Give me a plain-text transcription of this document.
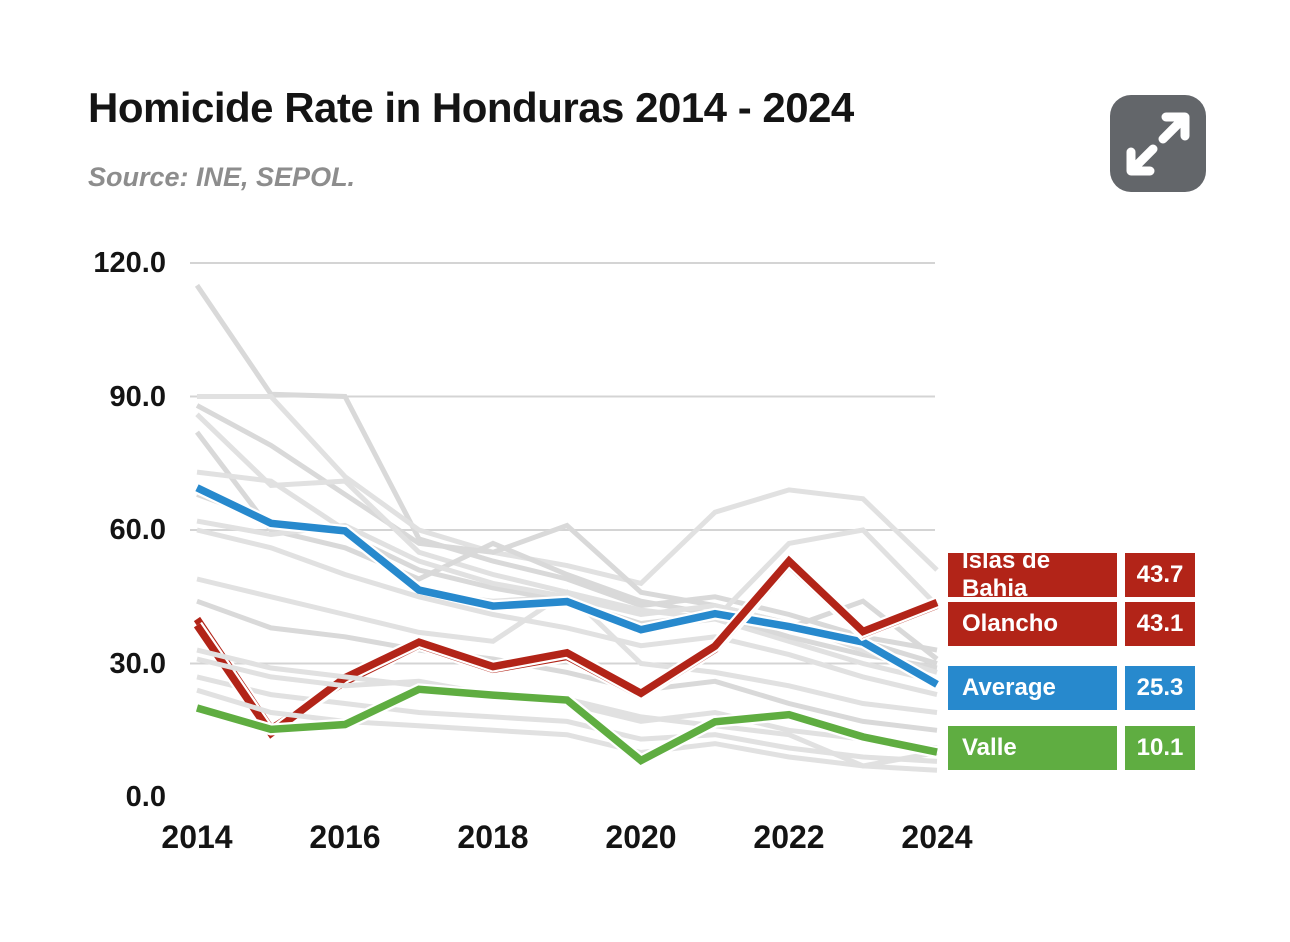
Homicide Rate in Honduras 2014 - 2024
Source: INE, SEPOL.
120.0
90.0
60.0
30.0
0.0
2014	2016	2018	2020	2022	2024
Islas de Bahia
43.7
Olancho	43.1
Average	25.3
Valle	10.1
